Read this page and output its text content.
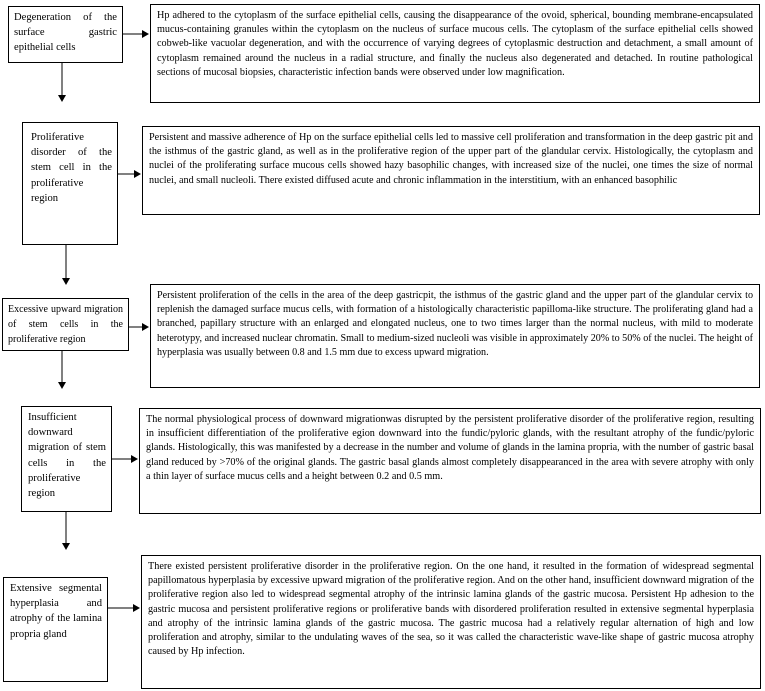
Degeneration of the surface gastric epithelial cells
Hp adhered to the cytoplasm of the surface epithelial cells, causing the disappearance of the ovoid, spherical, bounding membrane-encapsulated mucus-containing granules within the cytoplasm on the nucleus of surface mucous cells. The cytoplasm of the surface epithelial cells showed cobweb-like vacuolar degeneration, and with the occurrence of varying degrees of cytoplasmic destruction and detachment, a small amount of cytoplasm remained around the nucleus in a radial structure, and finally the nucleus also degenerated and detached. In routine pathological sections of mucosal biopsies, characteristic infection bands were observed under low magnification.
Proliferative disorder of the stem cell in the proliferative region
Persistent and massive adherence of Hp on the surface epithelial cells led to massive cell proliferation and transformation in the deep gastric pit and the isthmus of the gastric gland, as well as in the proliferative region of the upper part of the glandular cervix. Histologically, the cytoplasm and nuclei of the proliferating surface mucous cells showed hazy basophilic changes, with increased size of the nuclei, one times the size of normal nuclei, and small nucleoli. There existed diffused acute and chronic inflammation in the interstitium, with an enhanced basophilic
Excessive upward migration of stem cells in the proliferative region
Persistent proliferation of the cells in the area of the deep gastricpit, the isthmus of the gastric gland and the upper part of the glandular cervix to replenish the damaged surface mucus cells, with formation of a histologically characteristic papilloma-like structure. The proliferating gland had a branched, papillary structure with an enlarged and elongated nucleus, one to two times larger than the normal nucleus, with mild to moderate heterotypy, and increased nuclear chromatin. Small to medium-sized nucleoli was visible in approximately 20% to 50% of the nuclei. The height of hyperplasia was usually between 0.8 and 1.5 mm due to excess upward migration.
Insufficient downward migration of stem cells in the proliferative region
The normal physiological process of downward migrationwas disrupted by the persistent proliferative disorder of the proliferative region, resulting in insufficient differentiation of the proliferative egion downward into the fundic/pyloric glands, with the resultant atrophy of the fundic/pyloric glands. Histologically, this was manifested by a decrease in the number and volume of glands in the lamina propria, with the number of gastric basal gland reduced by >70% of the original glands. The gastric basal glands almost completely disappearanced in the area with severe atrophy with only a thin layer of surface mucus cells and a height between 0.2 and 0.5 mm.
Extensive segmental hyperplasia and atrophy of the lamina propria gland
There existed persistent proliferative disorder in the proliferative region. On the one hand, it resulted in the formation of widespread segmental papillomatous hyperplasia by excessive upward migration of the proliferative region. And on the other hand, insufficient downward migration of the proliferative region also led to widespread segmental atrophy of the intrinsic lamina glands of the gastric mucosa. Persistent Hp adhesion to the gastric mucosa and persistent proliferative regions or proliferative bands with disordered proliferation resulted in extensive segmental hyperplasia and atrophy of the intrinsic lamina glands of the gastric mucosa. The gastric mucosa had a relatively regular alternation of high and low proliferation and atrophy, similar to the undulating waves of the sea, so it was called the characteristic wave-like shape of gastric mucosa atrophy caused by Hp infection.
